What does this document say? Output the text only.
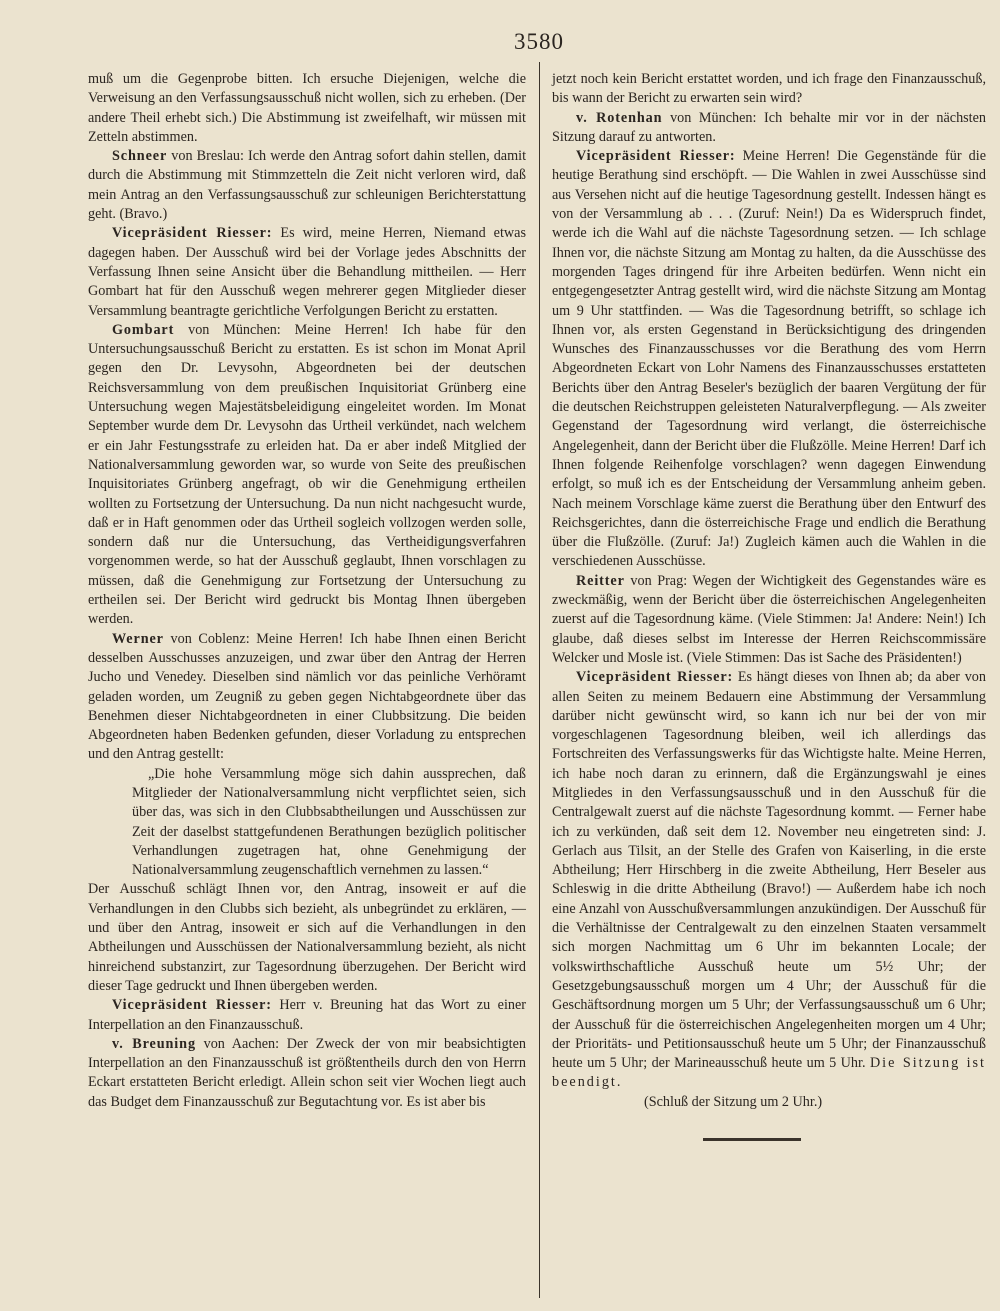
3580

muß um die Gegenprobe bitten. Ich ersuche Diejenigen, welche die Verweisung an den Verfassungsausschuß nicht wollen, sich zu erheben. (Der andere Theil erhebt sich.) Die Abstimmung ist zweifelhaft, wir müssen mit Zetteln abstimmen.

Schneer von Breslau: Ich werde den Antrag sofort dahin stellen, damit durch die Abstimmung mit Stimmzetteln die Zeit nicht verloren wird, daß mein Antrag an den Verfassungsausschuß zur schleunigen Berichterstattung geht. (Bravo.)

Vicepräsident Riesser: Es wird, meine Herren, Niemand etwas dagegen haben. Der Ausschuß wird bei der Vorlage jedes Abschnitts der Verfassung Ihnen seine Ansicht über die Behandlung mittheilen. — Herr Gombart hat für den Ausschuß wegen mehrerer gegen Mitglieder dieser Versammlung beantragte gerichtliche Verfolgungen Bericht zu erstatten.

Gombart von München: Meine Herren! Ich habe für den Untersuchungsausschuß Bericht zu erstatten. Es ist schon im Monat April gegen den Dr. Levysohn, Abgeordneten bei der deutschen Reichsversammlung von dem preußischen Inquisitoriat Grünberg eine Untersuchung wegen Majestätsbeleidigung eingeleitet worden. Im Monat September wurde dem Dr. Levysohn das Urtheil verkündet, nach welchem er ein Jahr Festungsstrafe zu erleiden hat. Da er aber indeß Mitglied der Nationalversammlung geworden war, so wurde von Seite des preußischen Inquisitoriates Grünberg angefragt, ob wir die Genehmigung ertheilen wollten zu Fortsetzung der Untersuchung. Da nun nicht nachgesucht wurde, daß er in Haft genommen oder das Urtheil sogleich vollzogen werden solle, sondern daß nur die Untersuchung, das Vertheidigungsverfahren vorgenommen werde, so hat der Ausschuß geglaubt, Ihnen vorschlagen zu müssen, daß die Genehmigung zur Fortsetzung der Untersuchung zu ertheilen sei. Der Bericht wird gedruckt bis Montag Ihnen übergeben werden.

Werner von Coblenz: Meine Herren! Ich habe Ihnen einen Bericht desselben Ausschusses anzuzeigen, und zwar über den Antrag der Herren Jucho und Venedey. Dieselben sind nämlich vor das peinliche Verhöramt geladen worden, um Zeugniß zu geben gegen Nichtabgeordnete über das Benehmen dieser Nichtabgeordneten in einer Clubbsitzung. Die beiden Abgeordneten haben Bedenken gefunden, dieser Vorladung zu entsprechen und den Antrag gestellt:

„Die hohe Versammlung möge sich dahin aussprechen, daß Mitglieder der Nationalversammlung nicht verpflichtet seien, sich über das, was sich in den Clubbsabtheilungen und Ausschüssen zur Zeit der daselbst stattgefundenen Berathungen bezüglich politischer Verhandlungen zugetragen hat, ohne Genehmigung der Nationalversammlung zeugenschaftlich vernehmen zu lassen.“

Der Ausschuß schlägt Ihnen vor, den Antrag, insoweit er auf die Verhandlungen in den Clubbs sich bezieht, als unbegründet zu erklären, — und über den Antrag, insoweit er sich auf die Verhandlungen in den Abtheilungen und Ausschüssen der Nationalversammlung bezieht, als nicht hinreichend substanzirt, zur Tagesordnung überzugehen. Der Bericht wird dieser Tage gedruckt und Ihnen übergeben werden.

Vicepräsident Riesser: Herr v. Breuning hat das Wort zu einer Interpellation an den Finanzausschuß.

v. Breuning von Aachen: Der Zweck der von mir beabsichtigten Interpellation an den Finanzausschuß ist größtentheils durch den von Herrn Eckart erstatteten Bericht erledigt. Allein schon seit vier Wochen liegt auch das Budget dem Finanzausschuß zur Begutachtung vor. Es ist aber bis

jetzt noch kein Bericht erstattet worden, und ich frage den Finanzausschuß, bis wann der Bericht zu erwarten sein wird?

v. Rotenhan von München: Ich behalte mir vor in der nächsten Sitzung darauf zu antworten.

Vicepräsident Riesser: Meine Herren! Die Gegenstände für die heutige Berathung sind erschöpft. — Die Wahlen in zwei Ausschüsse sind aus Versehen nicht auf die heutige Tagesordnung gestellt. Indessen hängt es von der Versammlung ab . . . (Zuruf: Nein!) Da es Widerspruch findet, werde ich die Wahl auf die nächste Tagesordnung setzen. — Ich schlage Ihnen vor, die nächste Sitzung am Montag zu halten, da die Ausschüsse des morgenden Tages dringend für ihre Arbeiten bedürfen. Wenn nicht ein entgegengesetzter Antrag gestellt wird, wird die nächste Sitzung am Montag um 9 Uhr stattfinden. — Was die Tagesordnung betrifft, so schlage ich Ihnen vor, als ersten Gegenstand in Berücksichtigung des dringenden Wunsches des Finanzausschusses vor die Berathung des vom Herrn Abgeordneten Eckart von Lohr Namens des Finanzausschusses erstatteten Berichts über den Antrag Beseler's bezüglich der baaren Vergütung der für die deutschen Reichstruppen geleisteten Naturalverpflegung. — Als zweiter Gegenstand der Tagesordnung wird verlangt, die österreichische Angelegenheit, dann der Bericht über die Flußzölle. Meine Herren! Darf ich Ihnen folgende Reihenfolge vorschlagen? wenn dagegen Einwendung erfolgt, so muß ich es der Entscheidung der Versammlung anheim geben. Nach meinem Vorschlage käme zuerst die Berathung über den Entwurf des Reichsgerichtes, dann die österreichische Frage und endlich die Berathung über die Flußzölle. (Zuruf: Ja!) Zugleich kämen auch die Wahlen in die verschiedenen Ausschüsse.

Reitter von Prag: Wegen der Wichtigkeit des Gegenstandes wäre es zweckmäßig, wenn der Bericht über die österreichischen Angelegenheiten zuerst auf die Tagesordnung käme. (Viele Stimmen: Ja! Andere: Nein!) Ich glaube, daß dieses selbst im Interesse der Herren Reichscommissäre Welcker und Mosle ist. (Viele Stimmen: Das ist Sache des Präsidenten!)

Vicepräsident Riesser: Es hängt dieses von Ihnen ab; da aber von allen Seiten zu meinem Bedauern eine Abstimmung der Versammlung darüber nicht gewünscht wird, so kann ich nur bei der von mir vorgeschlagenen Tagesordnung bleiben, weil ich allerdings das Fortschreiten des Verfassungswerks für das Wichtigste halte. Meine Herren, ich habe noch daran zu erinnern, daß die Ergänzungswahl je eines Mitgliedes in den Verfassungsausschuß und in den Ausschuß für die Centralgewalt zuerst auf die nächste Tagesordnung kommt. — Ferner habe ich zu verkünden, daß seit dem 12. November neu eingetreten sind: J. Gerlach aus Tilsit, an der Stelle des Grafen von Kaiserling, in die erste Abtheilung; Herr Hirschberg in die zweite Abtheilung, Herr Beseler aus Schleswig in die dritte Abtheilung (Bravo!) — Außerdem habe ich noch eine Anzahl von Ausschußversammlungen anzukündigen. Der Ausschuß für die Verhältnisse der Centralgewalt zu den einzelnen Staaten versammelt sich morgen Nachmittag um 6 Uhr im bekannten Locale; der volkswirthschaftliche Ausschuß heute um 5½ Uhr; der Gesetzgebungsausschuß morgen um 4 Uhr; der Ausschuß für die Geschäftsordnung morgen um 5 Uhr; der Verfassungsausschuß um 6 Uhr; der Ausschuß für die österreichischen Angelegenheiten morgen um 4 Uhr; der Prioritäts- und Petitionsausschuß heute um 5 Uhr; der Finanzausschuß heute um 5 Uhr; der Marineausschuß heute um 5 Uhr. Die Sitzung ist beendigt.

(Schluß der Sitzung um 2 Uhr.)
